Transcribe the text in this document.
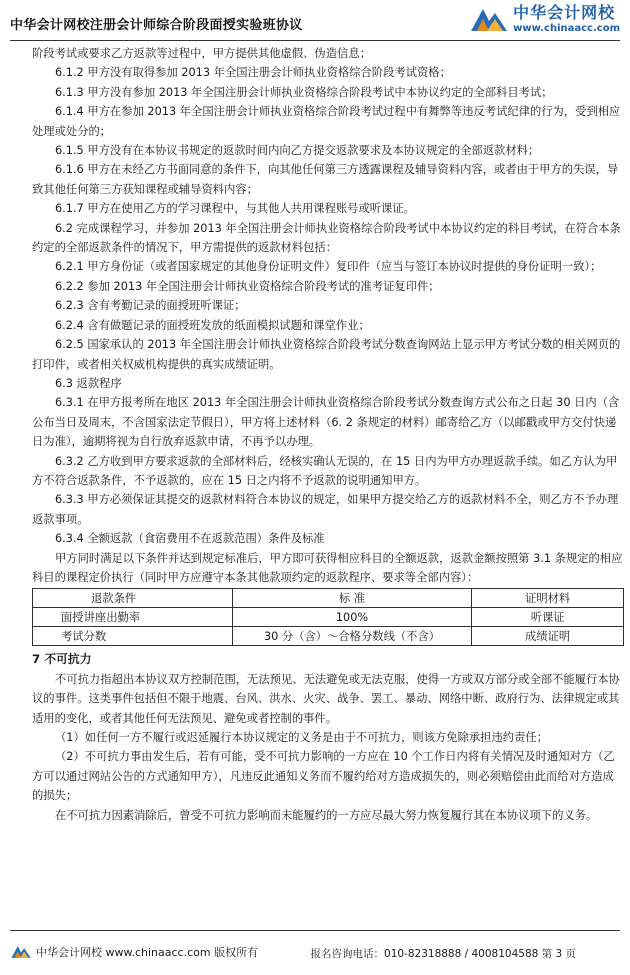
中华会计网校注册会计师综合阶段面授实验班协议
中华会计网校
www.chinaacc.com
阶段考试或要求乙方返款等过程中，甲方提供其他虚假、伪造信息；
6.1.2 甲方没有取得参加 2013 年全国注册会计师执业资格综合阶段考试资格；
6.1.3 甲方没有参加 2013 年全国注册会计师执业资格综合阶段考试中本协议约定的全部科目考试；
6.1.4 甲方在参加 2013 年全国注册会计师执业资格综合阶段考试过程中有舞弊等违反考试纪律的行为，受到相应处理或处分的；
6.1.5 甲方没有在本协议书规定的返款时间内向乙方提交返款要求及本协议规定的全部返款材料；
6.1.6 甲方在未经乙方书面同意的条件下，向其他任何第三方透露课程及辅导资料内容，或者由于甲方的失误，导致其他任何第三方获知课程或辅导资料内容；
6.1.7 甲方在使用乙方的学习课程中，与其他人共用课程账号或听课证。
6.2 完成课程学习，并参加 2013 年全国注册会计师执业资格综合阶段考试中本协议约定的科目考试，在符合本条约定的全部返款条件的情况下，甲方需提供的返款材料包括：
6.2.1 甲方身份证（或者国家规定的其他身份证明文件）复印件（应当与签订本协议时提供的身份证明一致）；
6.2.2 参加 2013 年全国注册会计师执业资格综合阶段考试的准考证复印件；
6.2.3 含有考勤记录的面授班听课证；
6.2.4 含有做题记录的面授班发放的纸面模拟试题和课堂作业；
6.2.5 国家承认的 2013 年全国注册会计师执业资格综合阶段考试分数查询网站上显示甲方考试分数的相关网页的打印件，或者相关权威机构提供的真实成绩证明。
6.3 返款程序
6.3.1 在甲方报考所在地区 2013 年全国注册会计师执业资格综合阶段考试分数查询方式公布之日起 30 日内（含公布当日及周末，不含国家法定节假日），甲方将上述材料（6. 2 条规定的材料）邮寄给乙方（以邮戳或甲方交付快递日为准），逾期将视为自行放弃返款申请，不再予以办理。
6.3.2 乙方收到甲方要求返款的全部材料后，经核实确认无误的，在 15 日内为甲方办理返款手续。如乙方认为甲方不符合返款条件，不予返款的，应在 15 日之内将不予返款的说明通知甲方。
6.3.3 甲方必须保证其提交的返款材料符合本协议的规定，如果甲方提交给乙方的返款材料不全，则乙方不予办理返款事项。
6.3.4 全额返款（食宿费用不在返款范围）条件及标准
甲方同时满足以下条件并达到规定标准后，甲方即可获得相应科目的全额返款，返款金额按照第 3.1 条规定的相应科目的课程定价执行（同时甲方应遵守本条其他款项约定的返款程序、要求等全部内容）：
退款条件	标 准	证明材料
面授讲座出勤率	100%	听课证
考试分数	30 分（含）～合格分数线（不含）	成绩证明
7 不可抗力
不可抗力指超出本协议双方控制范围，无法预见、无法避免或无法克服，使得一方或双方部分或全部不能履行本协议的事件。这类事件包括但不限于地震、台风、洪水、火灾、战争、罢工、暴动、网络中断、政府行为、法律规定或其适用的变化，或者其他任何无法预见、避免或者控制的事件。
（1）如任何一方不履行或迟延履行本协议规定的义务是由于不可抗力，则该方免除承担违约责任；
（2）不可抗力事由发生后，若有可能，受不可抗力影响的一方应在 10 个工作日内将有关情况及时通知对方（乙方可以通过网站公告的方式通知甲方），凡违反此通知义务而不履约给对方造成损失的，则必须赔偿由此而给对方造成的损失；
在不可抗力因素消除后，曾受不可抗力影响而未能履约的一方应尽最大努力恢复履行其在本协议项下的义务。
中华会计网校 www.chinaacc.com 版权所有	报名咨询电话：010-82318888 / 4008104588 第 3 页
